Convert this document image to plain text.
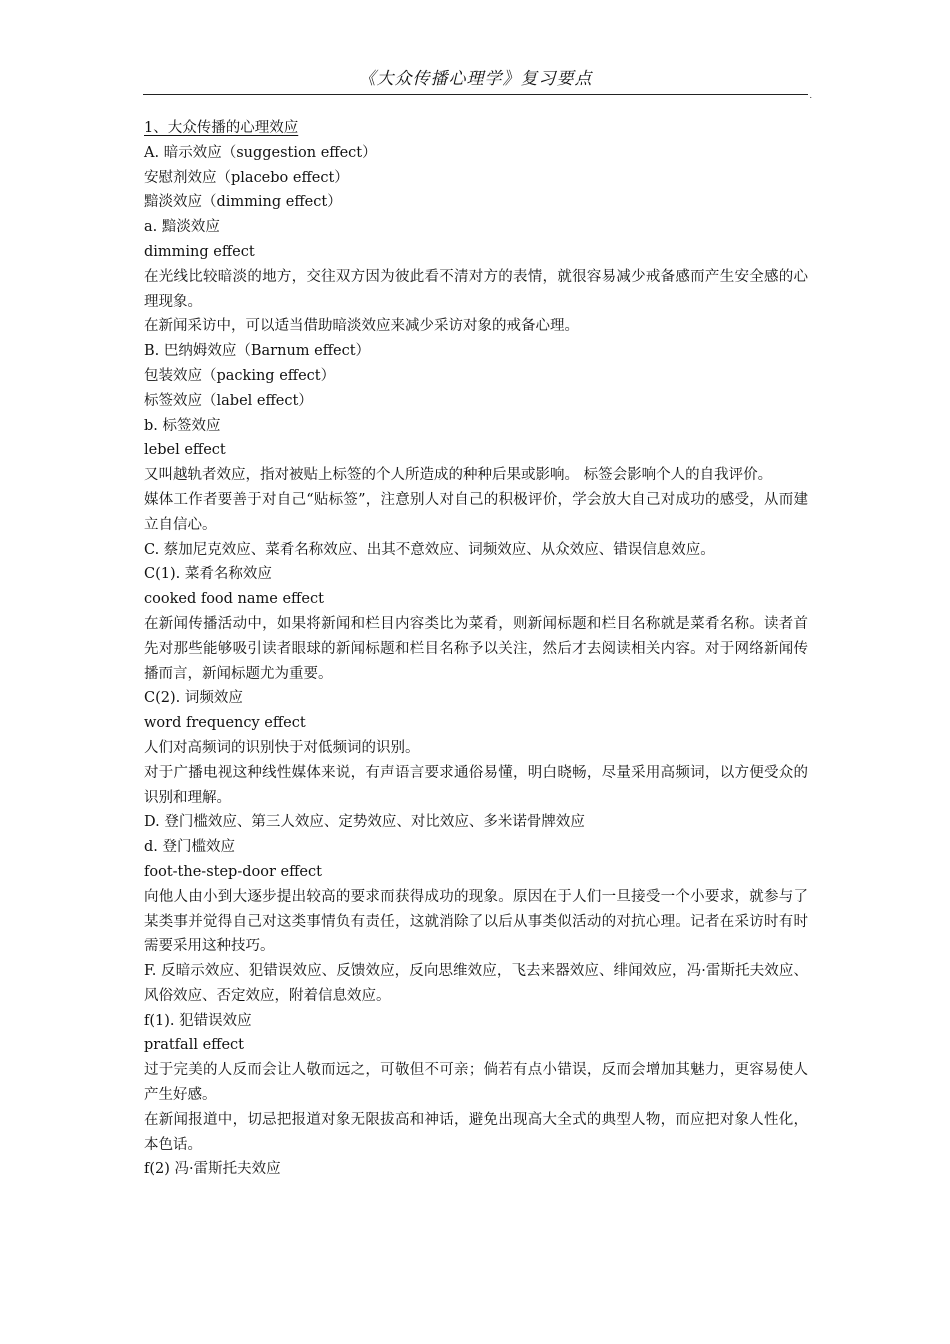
《大众传播心理学》复习要点
.
1、大众传播的心理效应
A. 暗示效应（suggestion effect）
安慰剂效应（placebo effect）
黯淡效应（dimming effect）
a. 黯淡效应
dimming effect
在光线比较暗淡的地方，交往双方因为彼此看不清对方的表情，就很容易减少戒备感而产生安全感的心理现象。
在新闻采访中，可以适当借助暗淡效应来减少采访对象的戒备心理。
B. 巴纳姆效应（Barnum effect）
包装效应（packing effect）
标签效应（label effect）
b. 标签效应
lebel effect
又叫越轨者效应，指对被贴上标签的个人所造成的种种后果或影响。 标签会影响个人的自我评价。
媒体工作者要善于对自己“贴标签”，注意别人对自己的积极评价，学会放大自己对成功的感受，从而建立自信心。
C. 蔡加尼克效应、菜肴名称效应、出其不意效应、词频效应、从众效应、错误信息效应。
C(1). 菜肴名称效应
cooked food name effect
在新闻传播活动中，如果将新闻和栏目内容类比为菜肴，则新闻标题和栏目名称就是菜肴名称。读者首先对那些能够吸引读者眼球的新闻标题和栏目名称予以关注，然后才去阅读相关内容。对于网络新闻传播而言，新闻标题尤为重要。
C(2). 词频效应
word frequency effect
人们对高频词的识别快于对低频词的识别。
对于广播电视这种线性媒体来说，有声语言要求通俗易懂，明白晓畅，尽量采用高频词，以方便受众的识别和理解。
D. 登门槛效应、第三人效应、定势效应、对比效应、多米诺骨牌效应
d. 登门槛效应
foot-the-step-door effect
向他人由小到大逐步提出较高的要求而获得成功的现象。原因在于人们一旦接受一个小要求，就参与了某类事并觉得自己对这类事情负有责任，这就消除了以后从事类似活动的对抗心理。记者在采访时有时需要采用这种技巧。
F. 反暗示效应、犯错误效应、反馈效应，反向思维效应，飞去来器效应、绯闻效应，冯·雷斯托夫效应、风俗效应、否定效应，附着信息效应。
f(1). 犯错误效应
pratfall effect
过于完美的人反而会让人敬而远之，可敬但不可亲；倘若有点小错误，反而会增加其魅力，更容易使人产生好感。
在新闻报道中，切忌把报道对象无限拔高和神话，避免出现高大全式的典型人物，而应把对象人性化，本色话。
f(2) 冯·雷斯托夫效应
